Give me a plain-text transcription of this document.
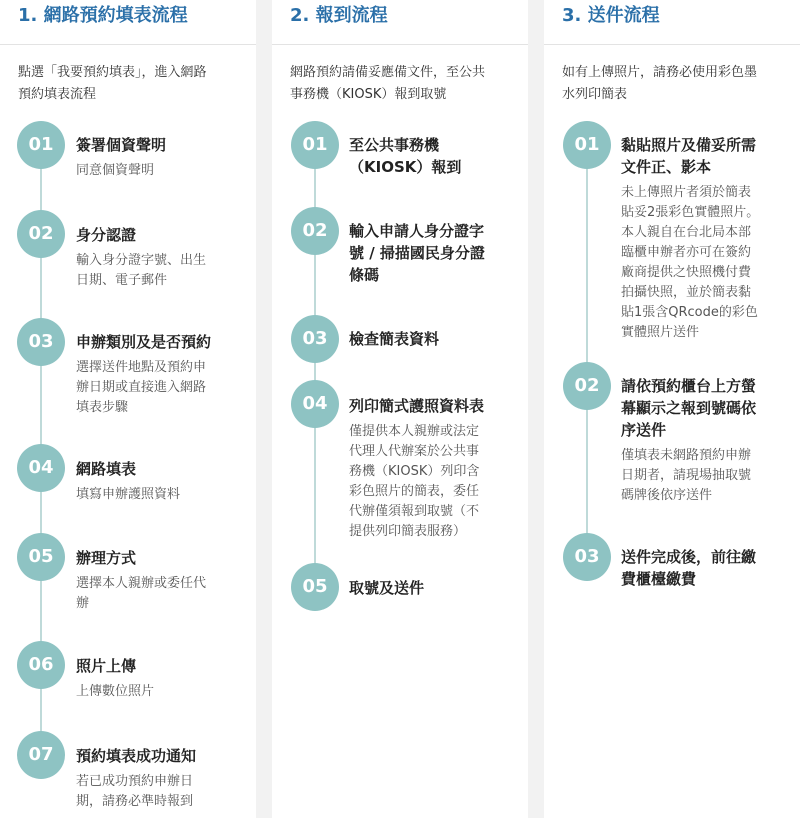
1. 網路預約填表流程
點選「我要預約填表」，進入網路
預約填表流程
01	簽署個資聲明
同意個資聲明
02	身分認證
輸入身分證字號、出生
日期、電子郵件
03	申辦類別及是否預約
選擇送件地點及預約申
辦日期或直接進入網路
填表步驟
04	網路填表
填寫申辦護照資料
05	辦理方式
選擇本人親辦或委任代
辦
06	照片上傳
上傳數位照片
07	預約填表成功通知
若已成功預約申辦日
期，請務必準時報到
2. 報到流程
網路預約請備妥應備文件，至公共
事務機（KIOSK）報到取號
01	至公共事務機
（KIOSK）報到
02	輸入申請人身分證字
號 / 掃描國民身分證
條碼
03	檢查簡表資料
04	列印簡式護照資料表
僅提供本人親辦或法定
代理人代辦案於公共事
務機（KIOSK）列印含
彩色照片的簡表，委任
代辦僅須報到取號（不
提供列印簡表服務）
05	取號及送件
3. 送件流程
如有上傳照片，請務必使用彩色墨
水列印簡表
01	黏貼照片及備妥所需
文件正、影本
未上傳照片者須於簡表
貼妥2張彩色實體照片。
本人親自在台北局本部
臨櫃申辦者亦可在簽約
廠商提供之快照機付費
拍攝快照，並於簡表黏
貼1張含QRcode的彩色
實體照片送件
02	請依預約櫃台上方螢
幕顯示之報到號碼依
序送件
僅填表未網路預約申辦
日期者，請現場抽取號
碼牌後依序送件
03	送件完成後，前往繳
費櫃檯繳費
